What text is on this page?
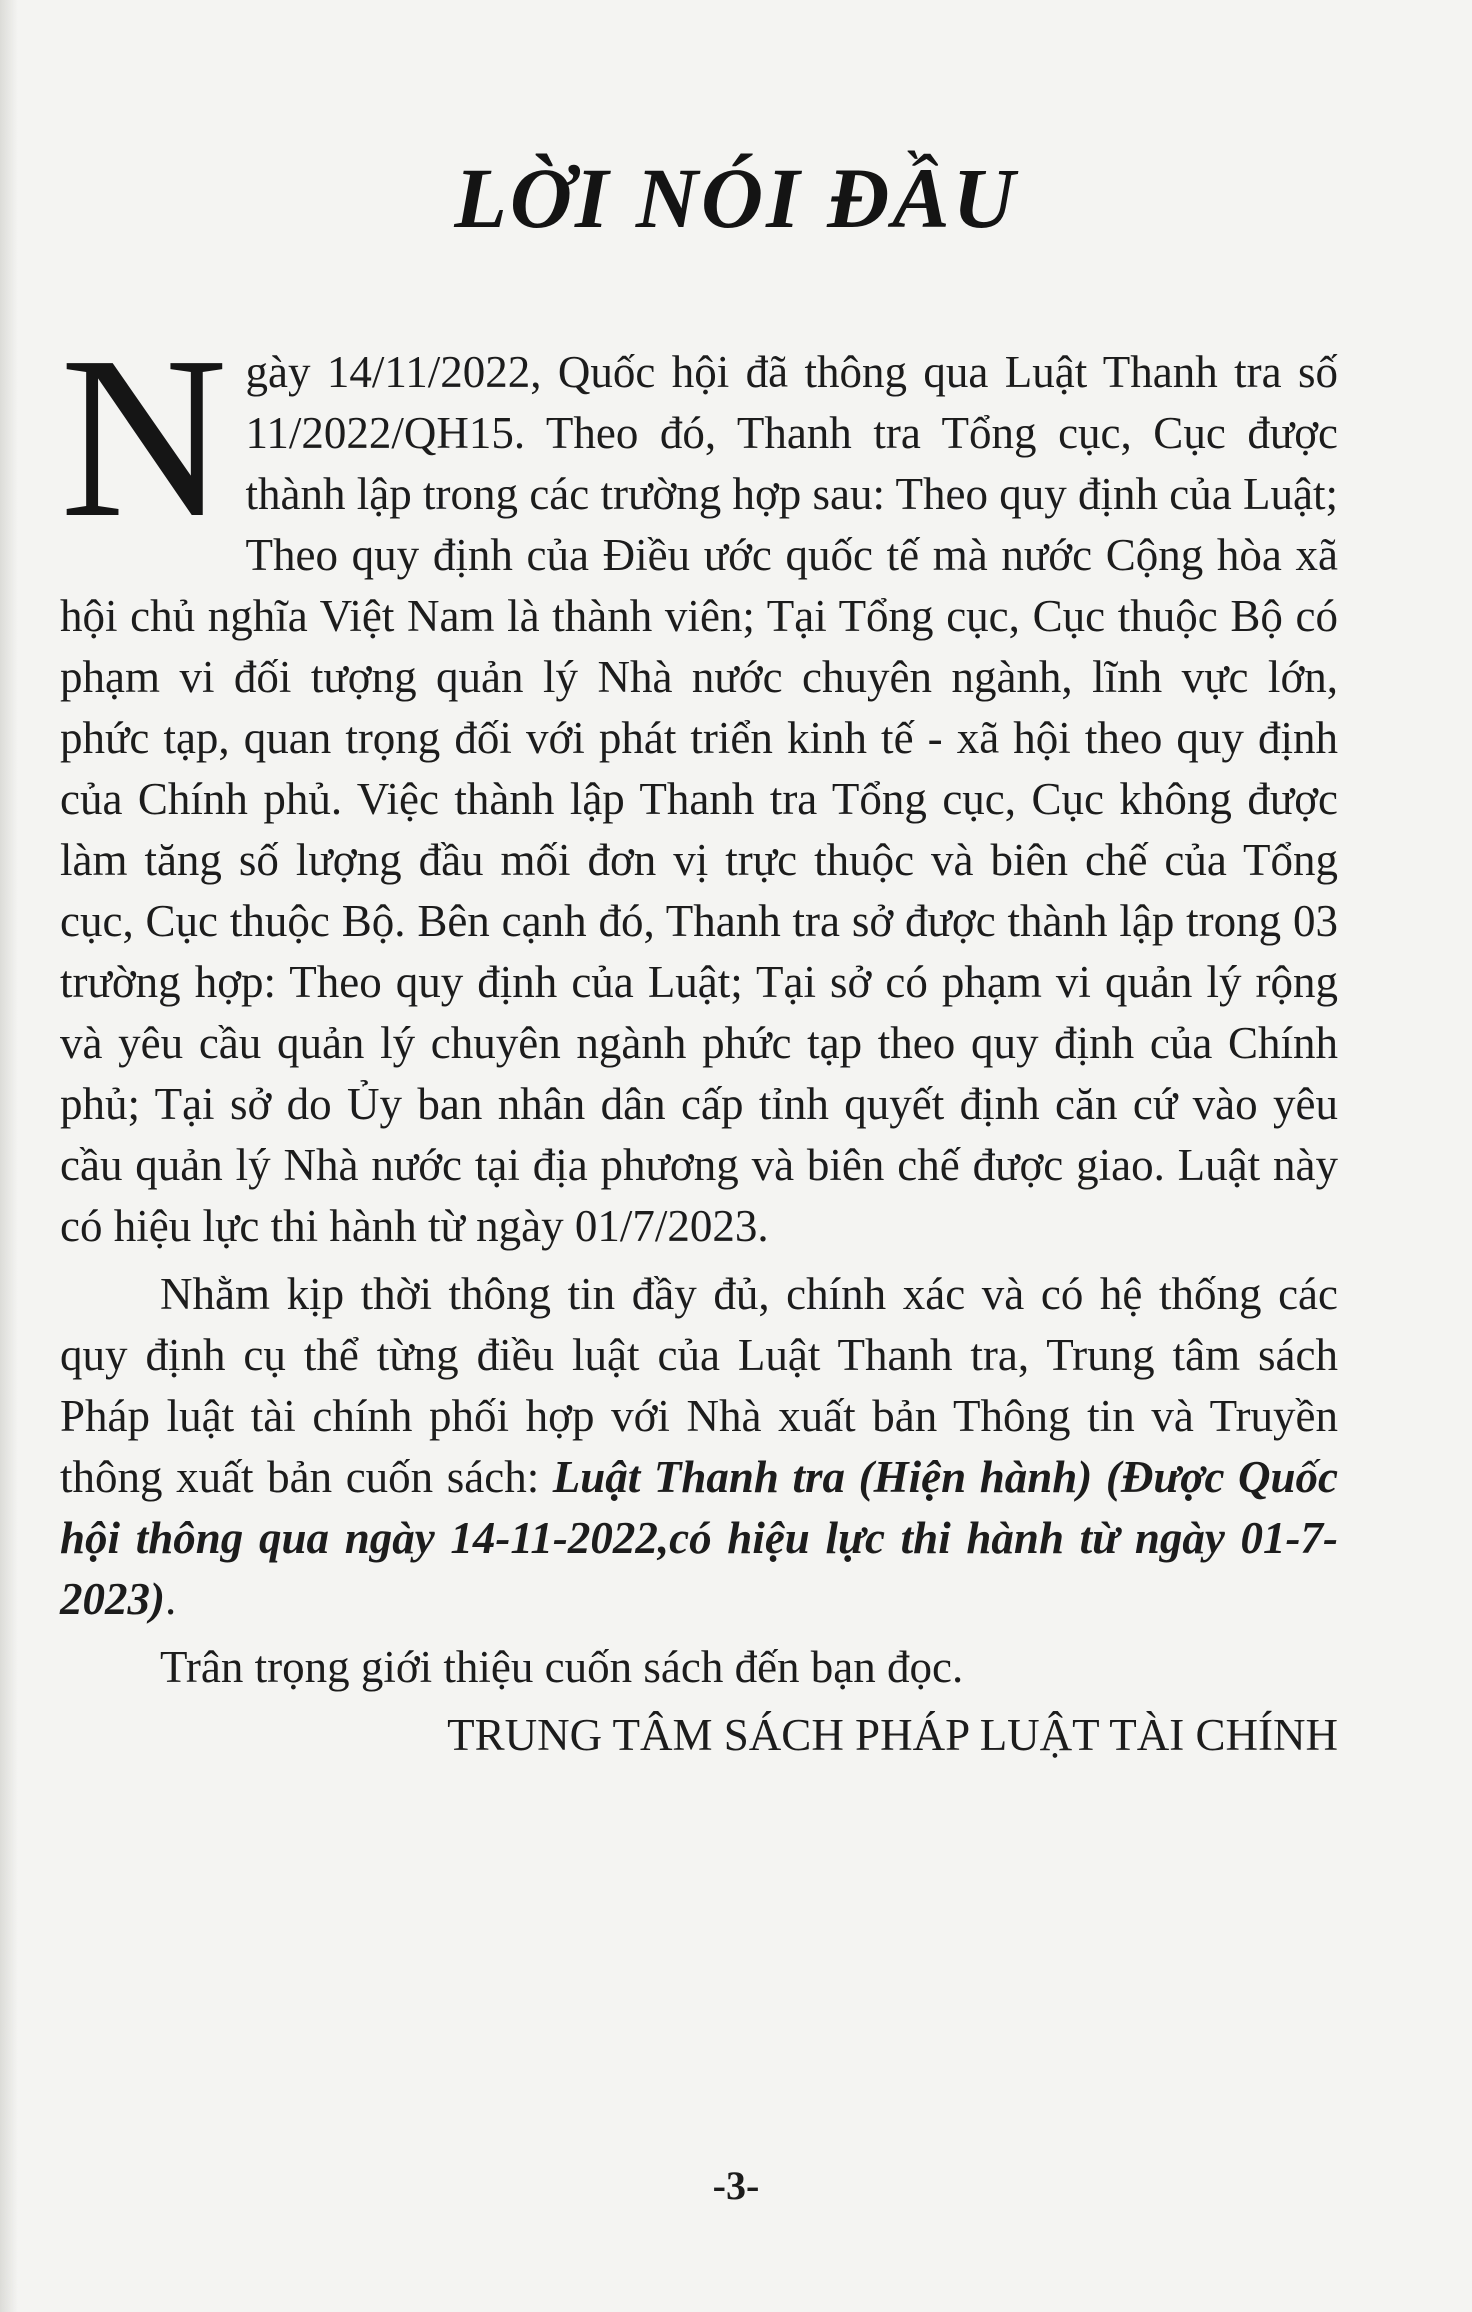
LỜI NÓI ĐẦU

Ngày 14/11/2022, Quốc hội đã thông qua Luật Thanh tra số 11/2022/QH15. Theo đó, Thanh tra Tổng cục, Cục được thành lập trong các trường hợp sau: Theo quy định của Luật; Theo quy định của Điều ước quốc tế mà nước Cộng hòa xã hội chủ nghĩa Việt Nam là thành viên; Tại Tổng cục, Cục thuộc Bộ có phạm vi đối tượng quản lý Nhà nước chuyên ngành, lĩnh vực lớn, phức tạp, quan trọng đối với phát triển kinh tế - xã hội theo quy định của Chính phủ. Việc thành lập Thanh tra Tổng cục, Cục không được làm tăng số lượng đầu mối đơn vị trực thuộc và biên chế của Tổng cục, Cục thuộc Bộ. Bên cạnh đó, Thanh tra sở được thành lập trong 03 trường hợp: Theo quy định của Luật; Tại sở có phạm vi quản lý rộng và yêu cầu quản lý chuyên ngành phức tạp theo quy định của Chính phủ; Tại sở do Ủy ban nhân dân cấp tỉnh quyết định căn cứ vào yêu cầu quản lý Nhà nước tại địa phương và biên chế được giao. Luật này có hiệu lực thi hành từ ngày 01/7/2023.

Nhằm kịp thời thông tin đầy đủ, chính xác và có hệ thống các quy định cụ thể từng điều luật của Luật Thanh tra, Trung tâm sách Pháp luật tài chính phối hợp với Nhà xuất bản Thông tin và Truyền thông xuất bản cuốn sách: Luật Thanh tra (Hiện hành) (Được Quốc hội thông qua ngày 14-11-2022,có hiệu lực thi hành từ ngày 01-7-2023).

Trân trọng giới thiệu cuốn sách đến bạn đọc.

TRUNG TÂM SÁCH PHÁP LUẬT TÀI CHÍNH

-3-
